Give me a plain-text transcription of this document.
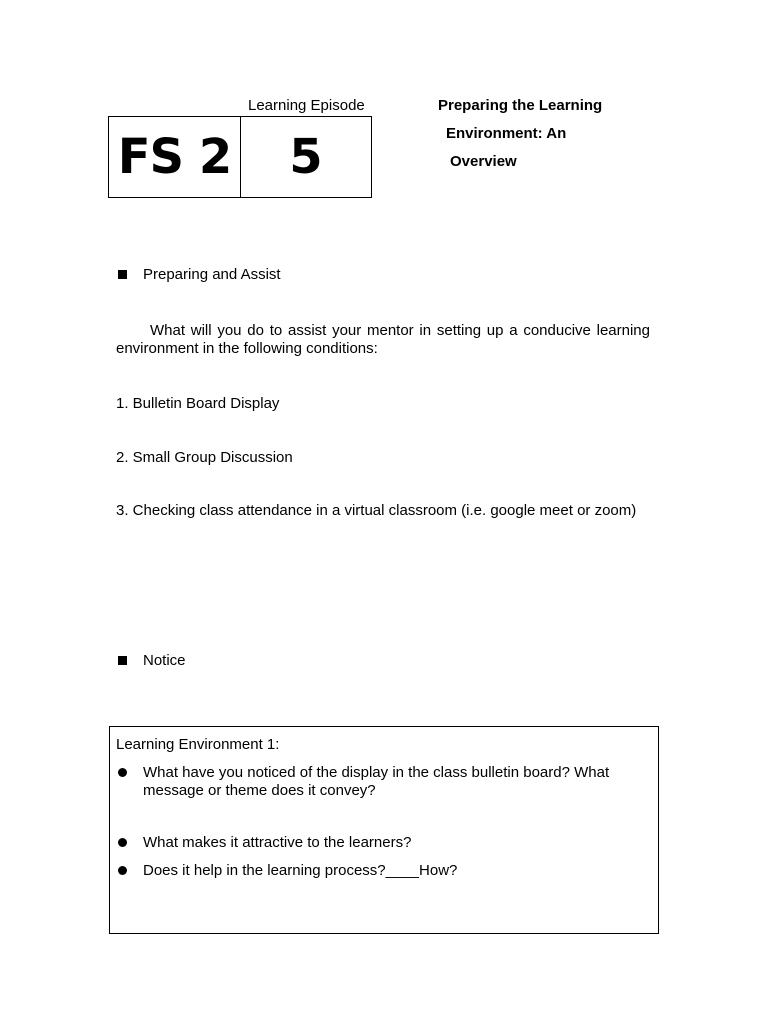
Learning Episode
FS 2	5
Preparing the Learning
Environment: An
Overview
Preparing and Assist
What will you do to assist your mentor in setting up a conducive learning environment in the following conditions:
1. Bulletin Board Display
2. Small Group Discussion
3. Checking class attendance in a virtual classroom (i.e. google meet or zoom)
Notice
Learning Environment 1:
What have you noticed of the display in the class bulletin board? What message or theme does it convey?
What makes it attractive to the learners?
Does it help in the learning process?____How?
